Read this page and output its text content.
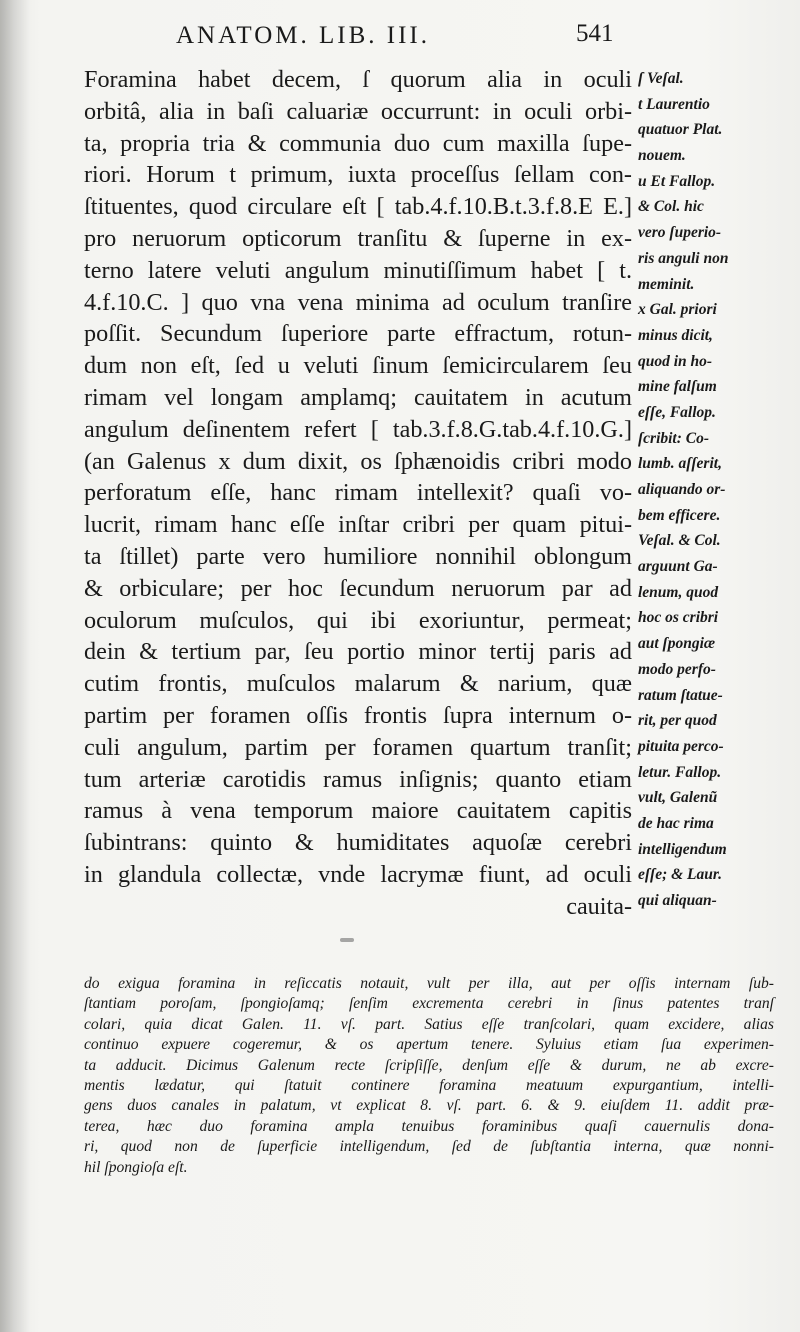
ANATOM. LIB. III.	541
Foramina habet decem, ſ quorum alia in oculi
orbitâ, alia in baſi caluariæ occurrunt: in oculi orbi-
ta, propria tria & communia duo cum maxilla ſupe-
riori. Horum t primum, iuxta proceſſus ſellam con-
ſtituentes, quod circulare eſt [ tab.4.f.10.B.t.3.f.8.E E.]
pro neruorum opticorum tranſitu & ſuperne in ex-
terno latere veluti angulum minutiſſimum habet [ t.
4.f.10.C. ] quo vna vena minima ad oculum tranſire
poſſit. Secundum ſuperiore parte effractum, rotun-
dum non eſt, ſed u veluti ſinum ſemicircularem ſeu
rimam vel longam amplamq; cauitatem in acutum
angulum deſinentem refert [ tab.3.f.8.G.tab.4.f.10.G.]
(an Galenus x dum dixit, os ſphænoidis cribri modo
perforatum eſſe, hanc rimam intellexit? quaſi vo-
lucrit, rimam hanc eſſe inſtar cribri per quam pitui-
ta ſtillet) parte vero humiliore nonnihil oblongum
& orbiculare; per hoc ſecundum neruorum par ad
oculorum muſculos, qui ibi exoriuntur, permeat;
dein & tertium par, ſeu portio minor tertij paris ad
cutim frontis, muſculos malarum & narium, quæ
partim per foramen oſſis frontis ſupra internum o-
culi angulum, partim per foramen quartum tranſit;
tum arteriæ carotidis ramus inſignis; quanto etiam
ramus à vena temporum maiore cauitatem capitis
ſubintrans: quinto & humiditates aquoſæ cerebri
in glandula collectæ, vnde lacrymæ fiunt, ad oculi
cauita-
ſ Veſal.
t Laurentio
quatuor Plat.
nouem.
u Et Fallop.
& Col. hic
vero ſuperio-
ris anguli non
meminit.
x Gal. priori
minus dicit,
quod in ho-
mine falſum
eſſe, Fallop.
ſcribit: Co-
lumb. aſſerit,
aliquando or-
bem efficere.
Veſal. & Col.
arguunt Ga-
lenum, quod
hoc os cribri
aut ſpongiæ
modo perfo-
ratum ſtatue-
rit, per quod
pituita perco-
letur. Fallop.
vult, Galenũ
de hac rima
intelligendum
eſſe; & Laur.
qui aliquan-
do exigua foramina in reſiccatis notauit, vult per illa, aut per oſſis internam ſub-
ſtantiam poroſam, ſpongioſamq; ſenſim excrementa cerebri in ſinus patentes tranſ
colari, quia dicat Galen. 11. vſ. part. Satius eſſe tranſcolari, quam excidere, alias
continuo expuere cogeremur, & os apertum tenere. Syluius etiam ſua experimen-
ta adducit. Dicimus Galenum recte ſcripſiſſe, denſum eſſe & durum, ne ab excre-
mentis lædatur, qui ſtatuit continere foramina meatuum expurgantium, intelli-
gens duos canales in palatum, vt explicat 8. vſ. part. 6. & 9. eiuſdem 11. addit præ-
terea, hæc duo foramina ampla tenuibus foraminibus quaſi cauernulis dona-
ri, quod non de ſuperficie intelligendum, ſed de ſubſtantia interna, quæ nonni-
hil ſpongioſa eſt.
